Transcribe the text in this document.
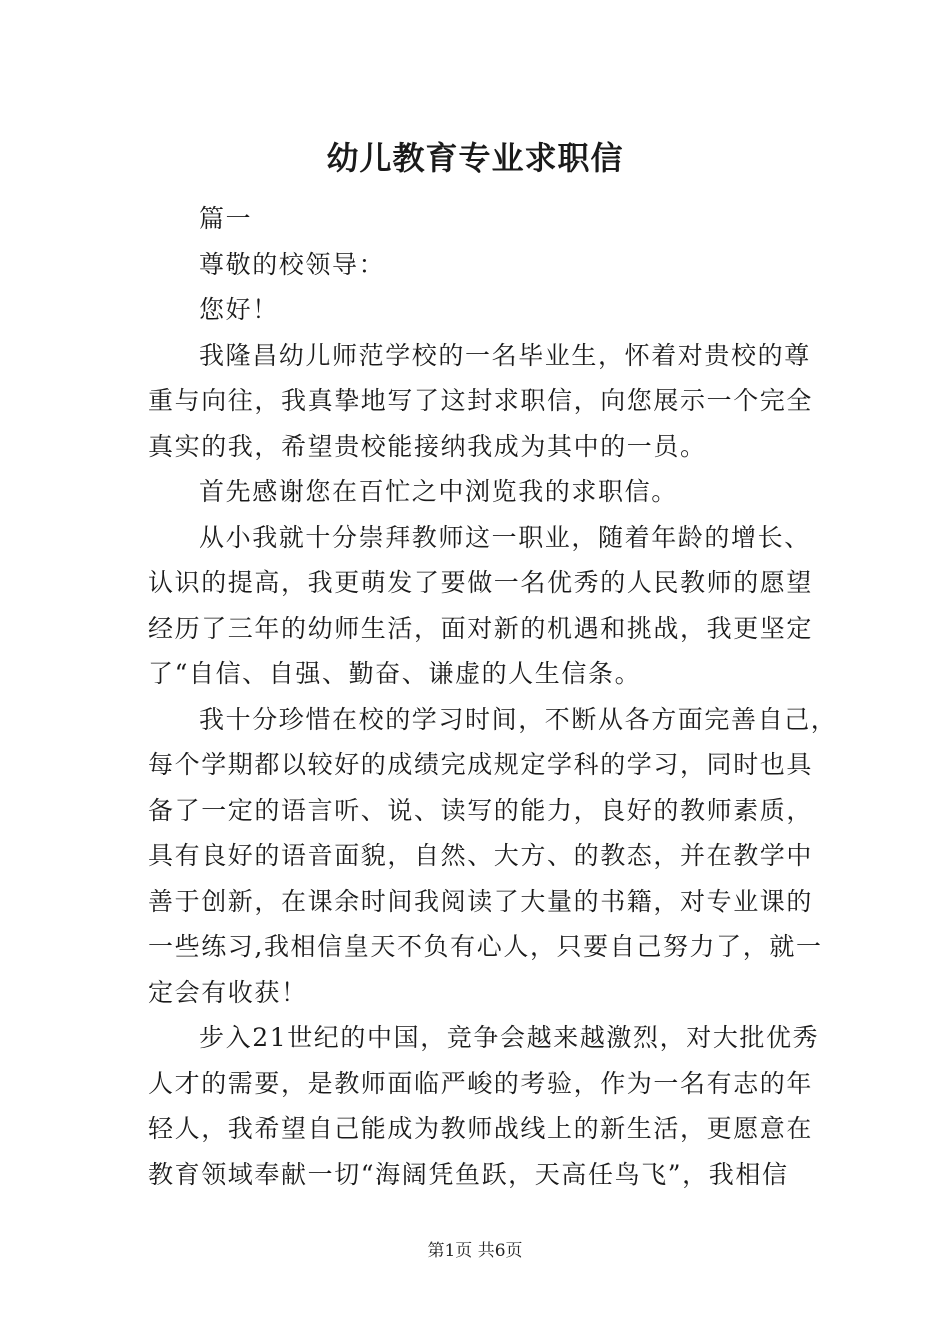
幼儿教育专业求职信
篇一
尊敬的校领导：
您好！
我隆昌幼儿师范学校的一名毕业生，怀着对贵校的尊
重与向往，我真挚地写了这封求职信，向您展示一个完全
真实的我，希望贵校能接纳我成为其中的一员。
首先感谢您在百忙之中浏览我的求职信。
从小我就十分崇拜教师这一职业，随着年龄的增长、
认识的提高，我更萌发了要做一名优秀的人民教师的愿望
经历了三年的幼师生活，面对新的机遇和挑战，我更坚定
了“自信、自强、勤奋、谦虚的人生信条。
我十分珍惜在校的学习时间，不断从各方面完善自己，
每个学期都以较好的成绩完成规定学科的学习，同时也具
备了一定的语言听、说、读写的能力，良好的教师素质，
具有良好的语音面貌，自然、大方、的教态，并在教学中
善于创新，在课余时间我阅读了大量的书籍，对专业课的
一些练习,我相信皇天不负有心人，只要自己努力了，就一
定会有收获！
步入21世纪的中国，竞争会越来越激烈，对大批优秀
人才的需要，是教师面临严峻的考验，作为一名有志的年
轻人，我希望自己能成为教师战线上的新生活，更愿意在
教育领域奉献一切“海阔凭鱼跃，天高任鸟飞”，我相信
第1页 共6页
